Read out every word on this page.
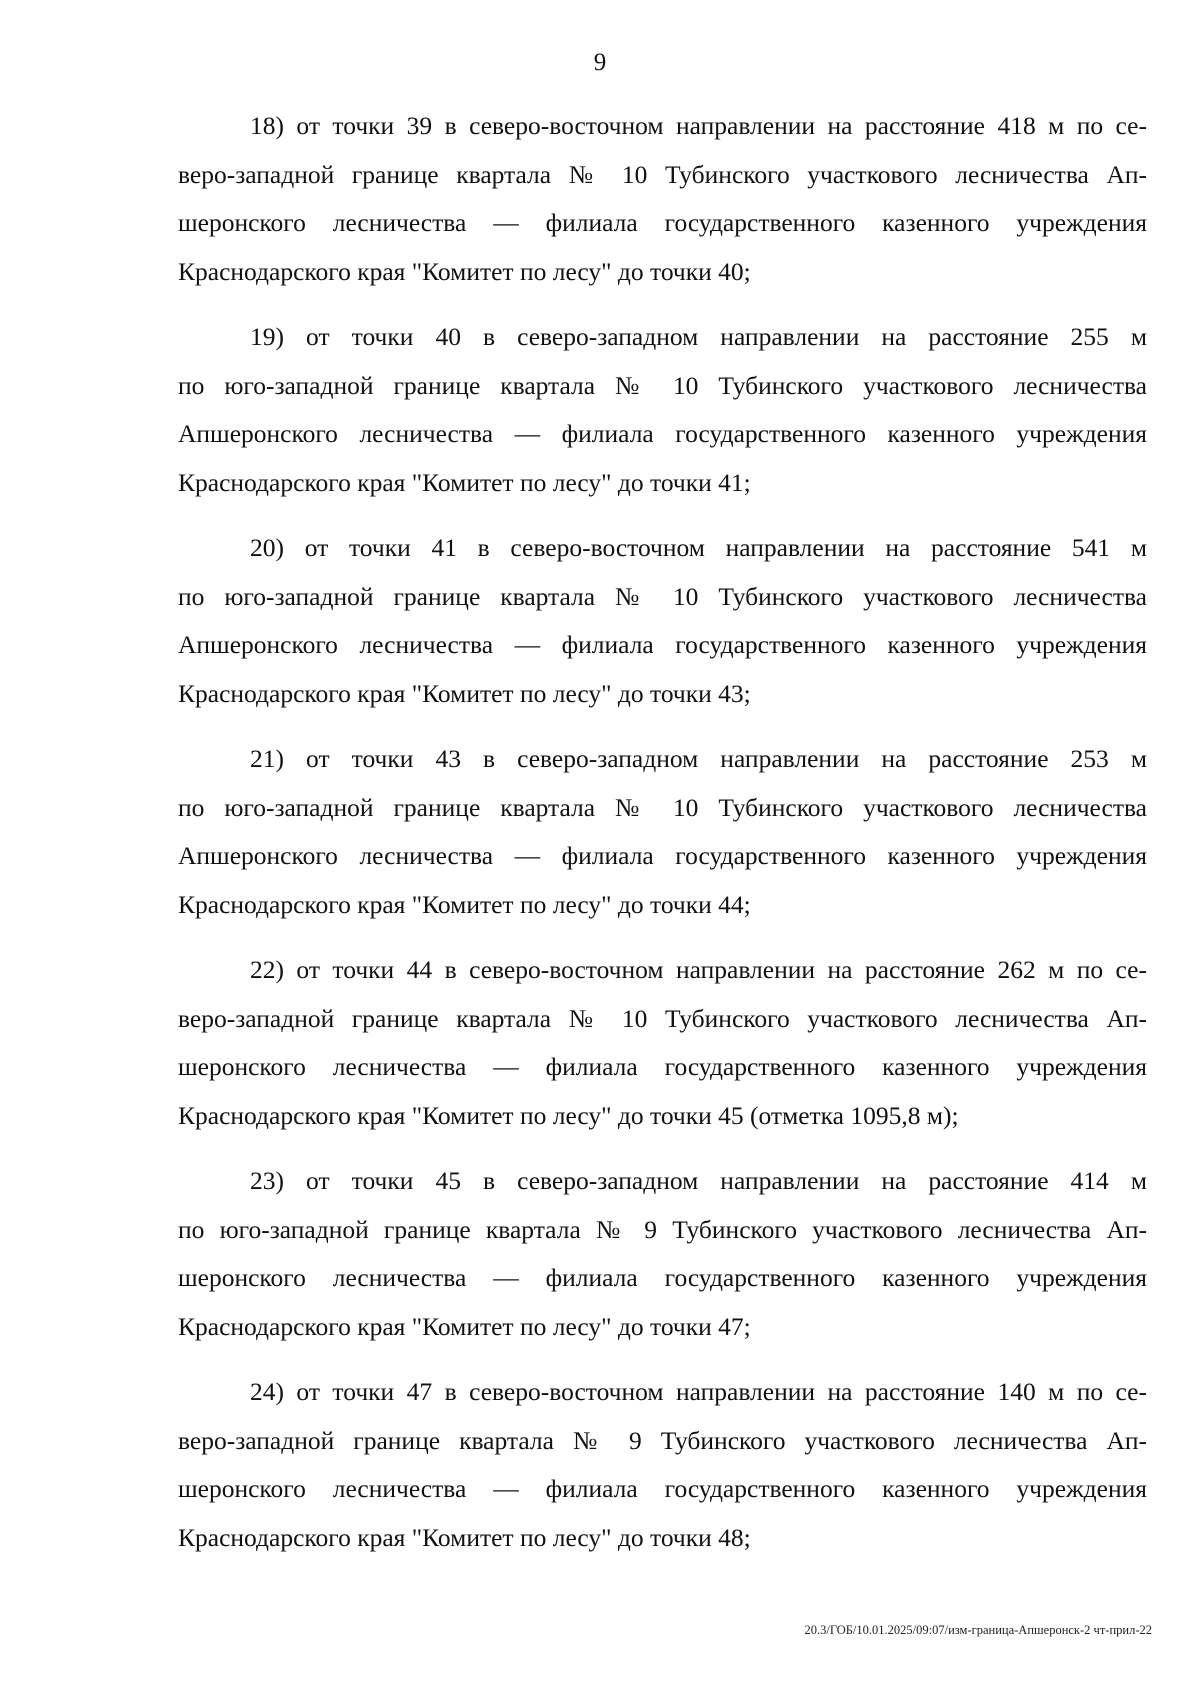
9
18) от точки 39 в северо-восточном направлении на расстояние 418 м по се-
веро-западной границе квартала № 10 Тубинского участкового лесничества Ап-
шеронского лесничества — филиала государственного казенного учреждения
Краснодарского края "Комитет по лесу" до точки 40;
19) от точки 40 в северо-западном направлении на расстояние 255 м
по юго-западной границе квартала № 10 Тубинского участкового лесничества
Апшеронского лесничества — филиала государственного казенного учреждения
Краснодарского края "Комитет по лесу" до точки 41;
20) от точки 41 в северо-восточном направлении на расстояние 541 м
по юго-западной границе квартала № 10 Тубинского участкового лесничества
Апшеронского лесничества — филиала государственного казенного учреждения
Краснодарского края "Комитет по лесу" до точки 43;
21) от точки 43 в северо-западном направлении на расстояние 253 м
по юго-западной границе квартала № 10 Тубинского участкового лесничества
Апшеронского лесничества — филиала государственного казенного учреждения
Краснодарского края "Комитет по лесу" до точки 44;
22) от точки 44 в северо-восточном направлении на расстояние 262 м по се-
веро-западной границе квартала № 10 Тубинского участкового лесничества Ап-
шеронского лесничества — филиала государственного казенного учреждения
Краснодарского края "Комитет по лесу" до точки 45 (отметка 1095,8 м);
23) от точки 45 в северо-западном направлении на расстояние 414 м
по юго-западной границе квартала № 9 Тубинского участкового лесничества Ап-
шеронского лесничества — филиала государственного казенного учреждения
Краснодарского края "Комитет по лесу" до точки 47;
24) от точки 47 в северо-восточном направлении на расстояние 140 м по се-
веро-западной границе квартала № 9 Тубинского участкового лесничества Ап-
шеронского лесничества — филиала государственного казенного учреждения
Краснодарского края "Комитет по лесу" до точки 48;
20.3/ГОБ/10.01.2025/09:07/изм-граница-Апшеронск-2 чт-прил-22
